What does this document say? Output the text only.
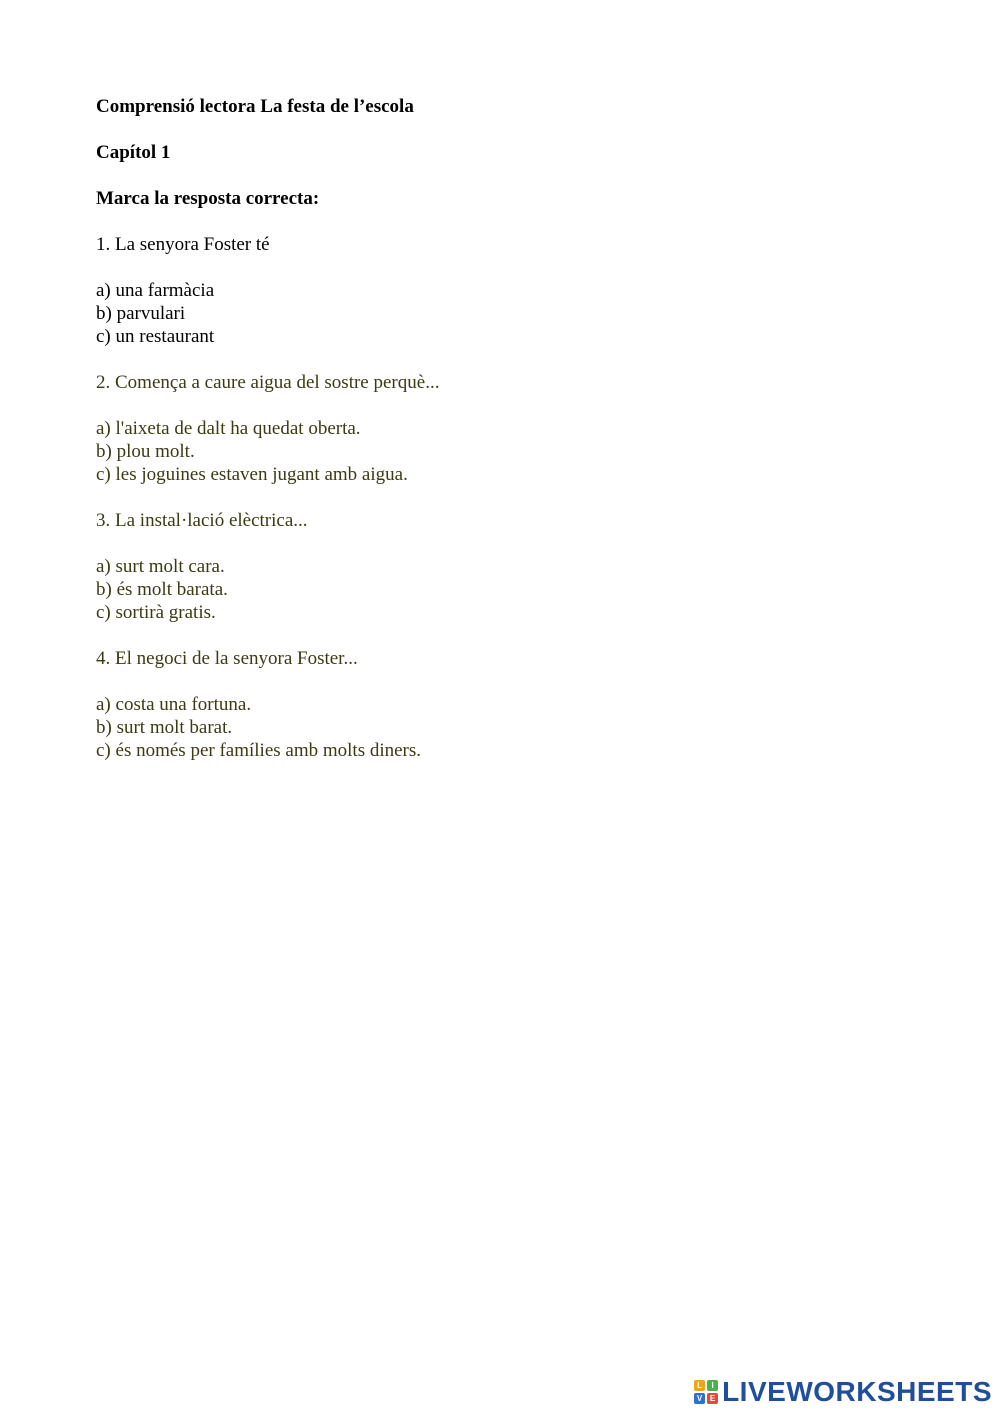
Comprensió lectora La festa de l’escola
Capítol 1
Marca la resposta correcta:
1. La senyora Foster té
a) una farmàcia
b) parvulari
c) un restaurant
2. Comença a caure aigua del sostre perquè...
a) l'aixeta de dalt ha quedat oberta.
b) plou molt.
c) les joguines estaven jugant amb aigua.
3. La instal·lació elèctrica...
a) surt molt cara.
b) és molt barata.
c) sortirà gratis.
4. El negoci de la senyora Foster...
a) costa una fortuna.
b) surt molt barat.
c) és només per famílies amb molts diners.
L	I
V E LIVEWORKSHEETS
